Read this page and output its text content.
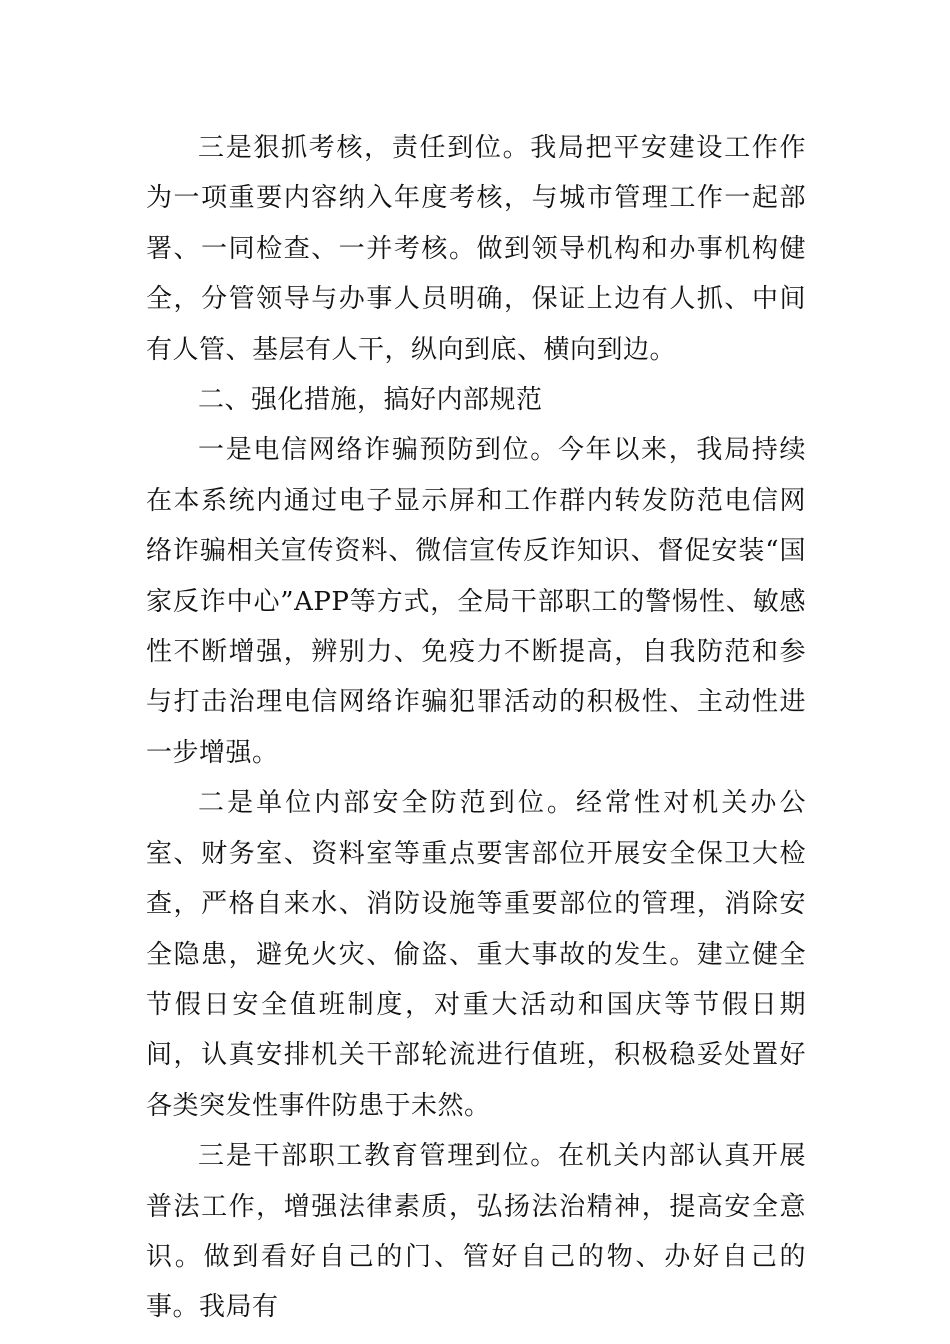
三是狠抓考核，责任到位。我局把平安建设工作作为一项重要内容纳入年度考核，与城市管理工作一起部署、一同检查、一并考核。做到领导机构和办事机构健全，分管领导与办事人员明确，保证上边有人抓、中间有人管、基层有人干，纵向到底、横向到边。

二、强化措施，搞好内部规范

一是电信网络诈骗预防到位。今年以来，我局持续在本系统内通过电子显示屏和工作群内转发防范电信网络诈骗相关宣传资料、微信宣传反诈知识、督促安装“国家反诈中心”APP等方式，全局干部职工的警惕性、敏感性不断增强，辨别力、免疫力不断提高，自我防范和参与打击治理电信网络诈骗犯罪活动的积极性、主动性进一步增强。

二是单位内部安全防范到位。经常性对机关办公室、财务室、资料室等重点要害部位开展安全保卫大检查，严格自来水、消防设施等重要部位的管理，消除安全隐患，避免火灾、偷盗、重大事故的发生。建立健全节假日安全值班制度，对重大活动和国庆等节假日期间，认真安排机关干部轮流进行值班，积极稳妥处置好各类突发性事件防患于未然。

三是干部职工教育管理到位。在机关内部认真开展普法工作，增强法律素质，弘扬法治精神，提高安全意识。做到看好自己的门、管好自己的物、办好自己的事。我局有
